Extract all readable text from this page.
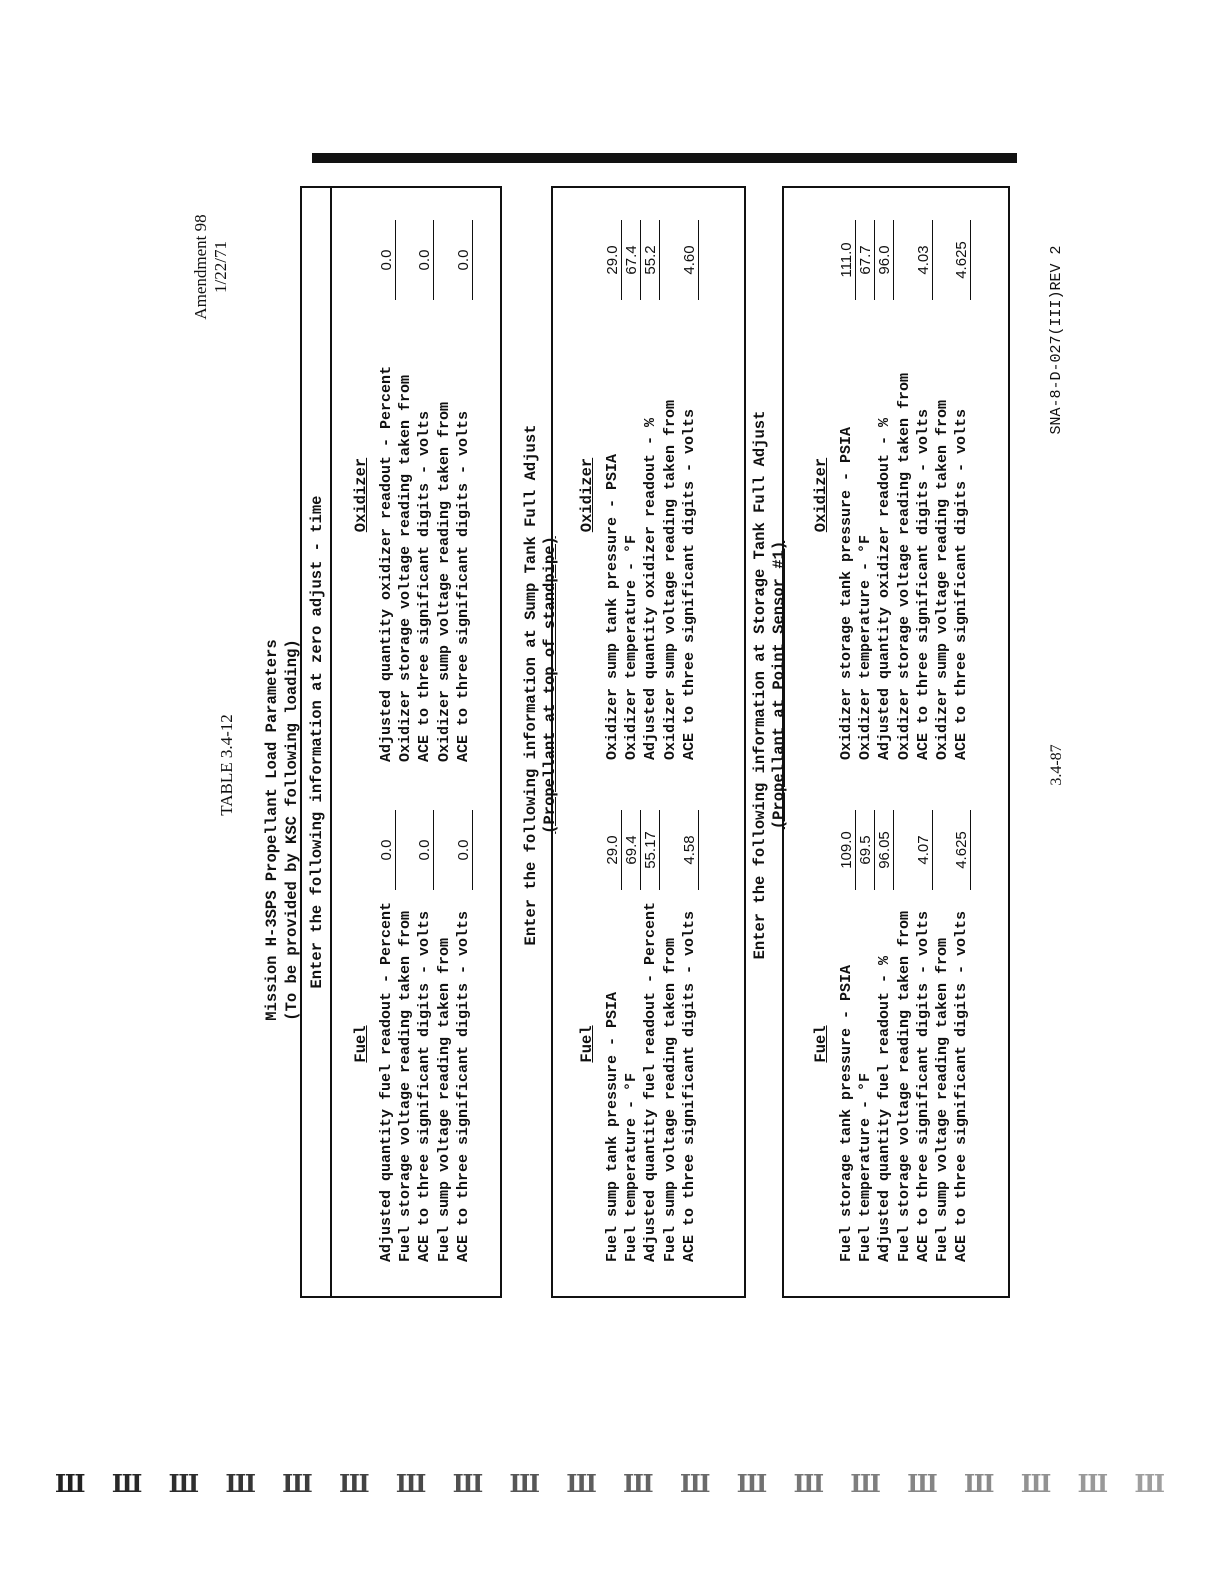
Ш Ш Ш Ш Ш Ш Ш Ш Ш Ш Ш Ш Ш Ш Ш Ш Ш Ш Ш Ш
Amendment 98 1/22/71
TABLE 3.4-12 Mission H-3SPS Propellant Load Parameters (To be provided by KSC following loading) Enter the following information at zero adjust - time
Fuel
Oxidizer
Adjusted quantity fuel readout - Percent
0.0
Fuel storage voltage reading taken from ACE to three significant digits - volts
0.0
Fuel sump voltage reading taken from ACE to three significant digits - volts
0.0
Adjusted quantity oxidizer readout - Percent
0.0
Oxidizer storage voltage reading taken from ACE to three significant digits - volts
0.0
Oxidizer sump voltage reading taken from ACE to three significant digits - volts
0.0
Enter the following information at Sump Tank Full Adjust (Propellant at top of standpipe)
Fuel
Oxidizer
Fuel sump tank pressure - PSIA
29.0
Fuel temperature - °F
69.4
Adjusted quantity fuel readout - Percent
55.17
Fuel sump voltage reading taken from ACE to three significant digits - volts
4.58
Oxidizer sump tank pressure - PSIA
29.0
Oxidizer temperature - °F
67.4
Adjusted quantity oxidizer readout - %
55.2
Oxidizer sump voltage reading taken from ACE to three significant digits - volts
4.60
Enter the following information at Storage Tank Full Adjust (Propellant at Point Sensor #1)
Fuel
Oxidizer
Fuel storage tank pressure - PSIA
109.0
Fuel temperature - °F
69.5
Adjusted quantity fuel readout - %
96.05
Fuel storage voltage reading taken from ACE to three significant digits - volts
4.07
Fuel sump voltage reading taken from ACE to three significant digits - volts
4.625
Oxidizer storage tank pressure - PSIA
111.0
Oxidizer temperature - °F
67.7
Adjusted quantity oxidizer readout - %
96.0
Oxidizer storage voltage reading taken from ACE to three significant digits - volts
4.03
Oxidizer sump voltage reading taken from ACE to three significant digits - volts
4.625
3.4-87
SNA-8-D-027(III)REV 2
